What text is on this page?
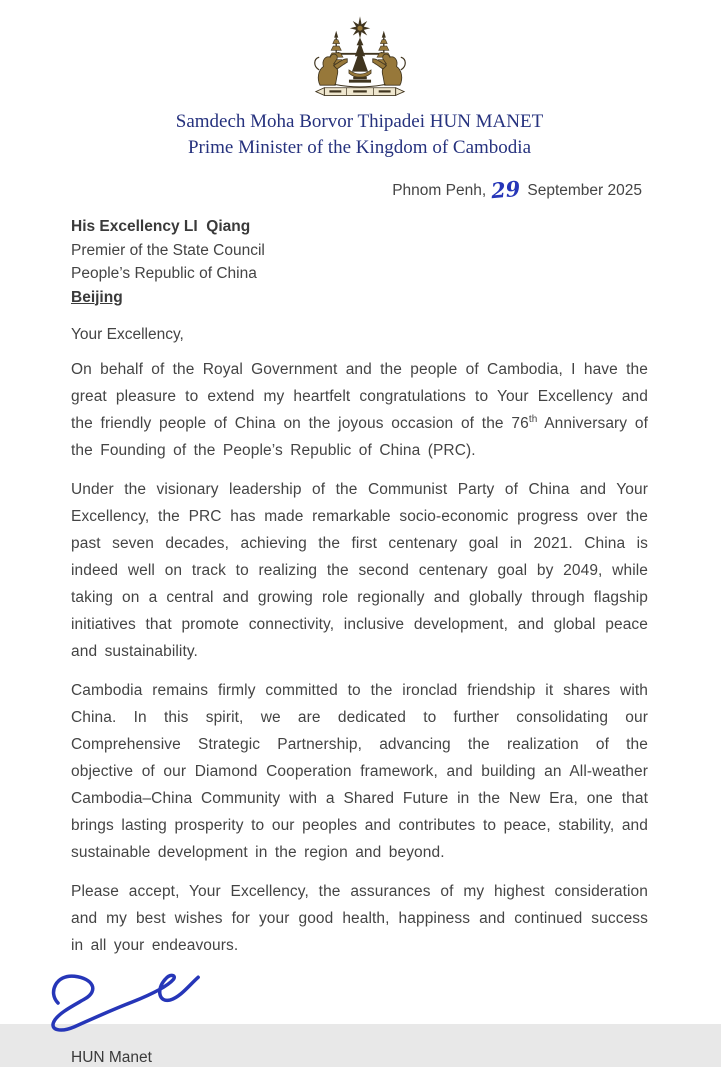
Samdech Moha Borvor Thipadei HUN MANET
Prime Minister of the Kingdom of Cambodia
Phnom Penh, 29 September 2025
His Excellency LI  Qiang
Premier of the State Council
People’s Republic of China
Beijing
Your Excellency,

On behalf of the Royal Government and the people of Cambodia, I have the great pleasure to extend my heartfelt congratulations to Your Excellency and the friendly people of China on the joyous occasion of the 76th Anniversary of the Founding of the People’s Republic of China (PRC).

Under the visionary leadership of the Communist Party of China and Your Excellency, the PRC has made remarkable socio-economic progress over the past seven decades, achieving the first centenary goal in 2021. China is indeed well on track to realizing the second centenary goal by 2049, while taking on a central and growing role regionally and globally through flagship initiatives that promote connectivity, inclusive development, and global peace and sustainability.

Cambodia remains firmly committed to the ironclad friendship it shares with China. In this spirit, we are dedicated to further consolidating our Comprehensive Strategic Partnership, advancing the realization of the objective of our Diamond Cooperation framework, and building an All-weather Cambodia–China Community with a Shared Future in the New Era, one that brings lasting prosperity to our peoples and contributes to peace, stability, and sustainable development in the region and beyond.

Please accept, Your Excellency, the assurances of my highest consideration and my best wishes for your good health, happiness and continued success in all your endeavours.

HUN Manet
